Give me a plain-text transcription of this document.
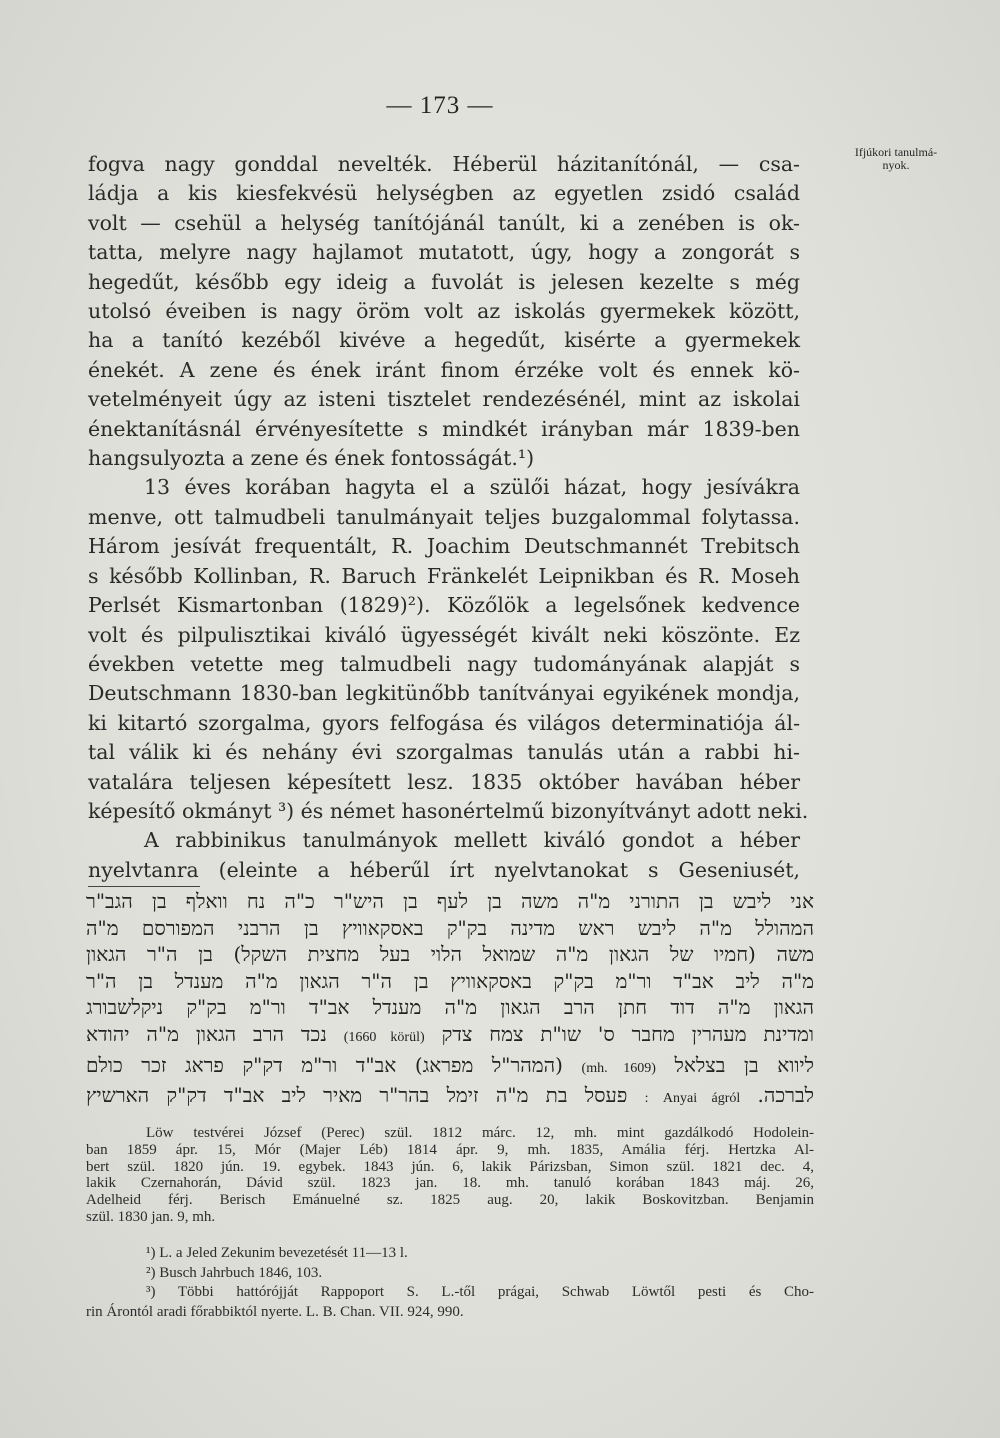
— 173 —
Ifjúkori tanulmá-nyok.
fogva nagy gonddal nevelték. Héberül házitanítónál, — csa-
ládja a kis kiesfekvésü helységben az egyetlen zsidó család
volt — csehül a helység tanítójánál tanúlt, ki a zenében is ok-
tatta, melyre nagy hajlamot mutatott, úgy, hogy a zongorát s
hegedűt, később egy ideig a fuvolát is jelesen kezelte s még
utolsó éveiben is nagy öröm volt az iskolás gyermekek között,
ha a tanító kezéből kivéve a hegedűt, kisérte a gyermekek
énekét. A zene és ének iránt finom érzéke volt és ennek kö-
vetelményeit úgy az isteni tisztelet rendezésénél, mint az iskolai
énektanításnál érvényesítette s mindkét irányban már 1839-ben
hangsulyozta a zene és ének fontosságát.¹)
13 éves korában hagyta el a szülői házat, hogy jesívákra
menve, ott talmudbeli tanulmányait teljes buzgalommal folytassa.
Három jesívát frequentált, R. Joachim Deutschmannét Trebitsch
s később Kollinban, R. Baruch Fränkelét Leipnikban és R. Moseh
Perlsét Kismartonban (1829)²). Közőlök a legelsőnek kedvence
volt és pilpulisztikai kiváló ügyességét kivált neki köszönte. Ez
években vetette meg talmudbeli nagy tudományának alapját s
Deutschmann 1830-ban legkitünőbb tanítványai egyikének mondja,
ki kitartó szorgalma, gyors felfogása és világos determinatiója ál-
tal válik ki és nehány évi szorgalmas tanulás után a rabbi hi-
vatalára teljesen képesített lesz. 1835 október havában héber
képesítő okmányt ³) és német hasonértelmű bizonyítványt adott neki.
A rabbinikus tanulmányok mellett kiváló gondot a héber
nyelvtanra (eleinte a héberűl írt nyelvtanokat s Geseniusét,
אני ליבש בן התורני מ"ה משה בן לעף בן היש"ר כ"ה נח וואלף בן הגב"ר
המהולל מ"ה ליבש ראש מדינה בק"ק באסקאוויץ בן הרבני המפורסם מ"ה
משה (חמיו של הגאון מ"ה שמואל הלוי בעל מחצית השקל) בן ה"ר הגאון
מ"ה ליב אב"ד ור"מ בק"ק באסקאוויץ בן ה"ר הגאון מ"ה מענדל בן ה"ר
הגאון מ"ה דוד חתן הרב הגאון מ"ה מענדל אב"ד ור"מ בק"ק ניקלשבורג
ומדינת מעהרין מחבר ס' שו"ת צמח צדק (1660 körül) נכד הרב הגאון מ"ה יהודא
ליווא בן בצלאל (mh. 1609) (המהר"ל מפראג) אב"ד ור"מ דק"ק פראג זכר כולם
לברכה. : Anyai ágról פעסל בת מ"ה זימל בהר"ר מאיר ליב אב"ד דק"ק הארשיץ
Löw testvérei József (Perec) szül. 1812 márc. 12, mh. mint gazdálkodó Hodolein-
ban 1859 ápr. 15, Mór (Majer Léb) 1814 ápr. 9, mh. 1835, Amália férj. Hertzka Al-
bert szül. 1820 jún. 19. egybek. 1843 jún. 6, lakik Párizsban, Simon szül. 1821 dec. 4,
lakik Czernahorán, Dávid szül. 1823 jan. 18. mh. tanuló korában 1843 máj. 26,
Adelheid férj. Berisch Emánuelné sz. 1825 aug. 20, lakik Boskovitzban. Benjamin
szül. 1830 jan. 9, mh.
¹) L. a Jeled Zekunim bevezetését 11—13 l.
²) Busch Jahrbuch 1846, 103.
³) Többi hattórójját Rappoport S. L.-től prágai, Schwab Löwtől pesti és Cho-
rin Árontól aradi főrabbiktól nyerte. L. B. Chan. VII. 924, 990.
